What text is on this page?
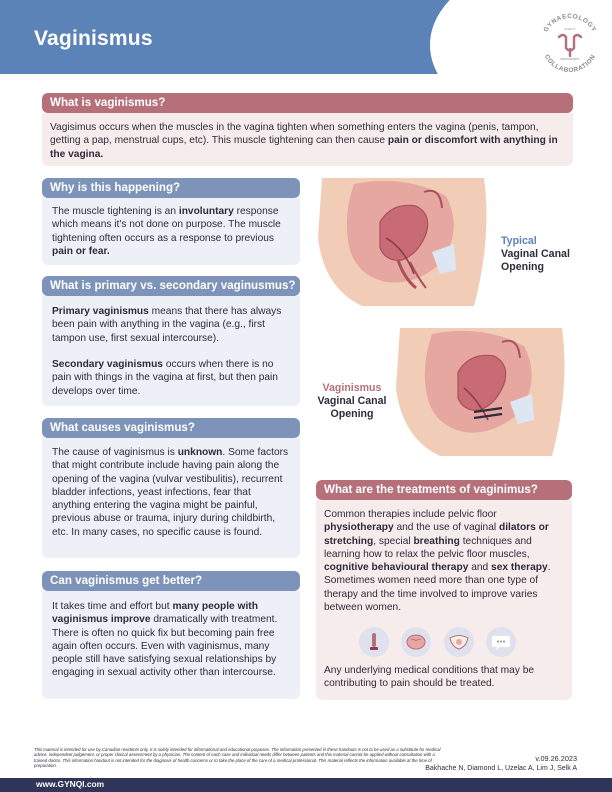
Vaginismus	GYNAECOLOGY
COLLABORATION
QUALITY
IMPROVEMENT
What is vaginismus?
Vagisimus occurs when the muscles in the vagina tighten when something enters the vagina (penis, tampon, getting a pap, menstrual cups, etc). This muscle tightening can then cause pain or discomfort with anything in the vagina.
Why is this happening?
The muscle tightening is an involuntary response which means it's not done on purpose. The muscle tightening often occurs as a response to previous pain or fear.
What is primary vs. secondary vaginusmus?
Primary vaginismus means that there has always been pain with anything in the vagina (e.g., first tampon use, first sexual intercourse).
Secondary vaginismus occurs when there is no pain with things in the vagina at first, but then pain develops over time.
What causes vaginismus?
The cause of vaginismus is unknown. Some factors that might contribute include having pain along the opening of the vagina (vulvar vestibulitis), recurrent bladder infections, yeast infections, fear that anything entering the vagina might be painful, previous abuse or trauma, injury during childbirth, etc. In many cases, no specific cause is found.
Can vaginismus get better?
It takes time and effort but many people with vaginismus improve dramatically with treatment. There is often no quick fix but becoming pain free again often occurs. Even with vaginismus, many people still have satisfying sexual relationships by engaging in sexual activity other than intercourse.
Typical
Vaginal Canal
Opening
Vaginismus
Vaginal Canal
Opening
What are the treatments of vaginimus?
Common therapies include pelvic floor physiotherapy and the use of vaginal dilators or stretching, special breathing techniques and learning how to relax the pelvic floor muscles, cognitive behavioural therapy and sex therapy. Sometimes women need more than one type of therapy and the time involved to improve varies between women.
Any underlying medical conditions that may be contributing to pain should be treated.
This material is intended for use by Canadian residents only. It is solely intended for informational and educational purposes. The information presented in these handouts is not to be used as a substitute for medical advice, independent judgement, or proper clinical assessment by a physician. The content of each case and individual needs differ between patients and this material cannot be applied without consultation with a trained doctor. This information handout is not intended for the diagnosis of health concerns or to take the place of the care of a medical professional. This material reflects the information available at the time of preparation.
v.09.26.2023
Bakhache N, Diamond L, Uzelac A, Lim J, Selk A
www.GYNQI.com
